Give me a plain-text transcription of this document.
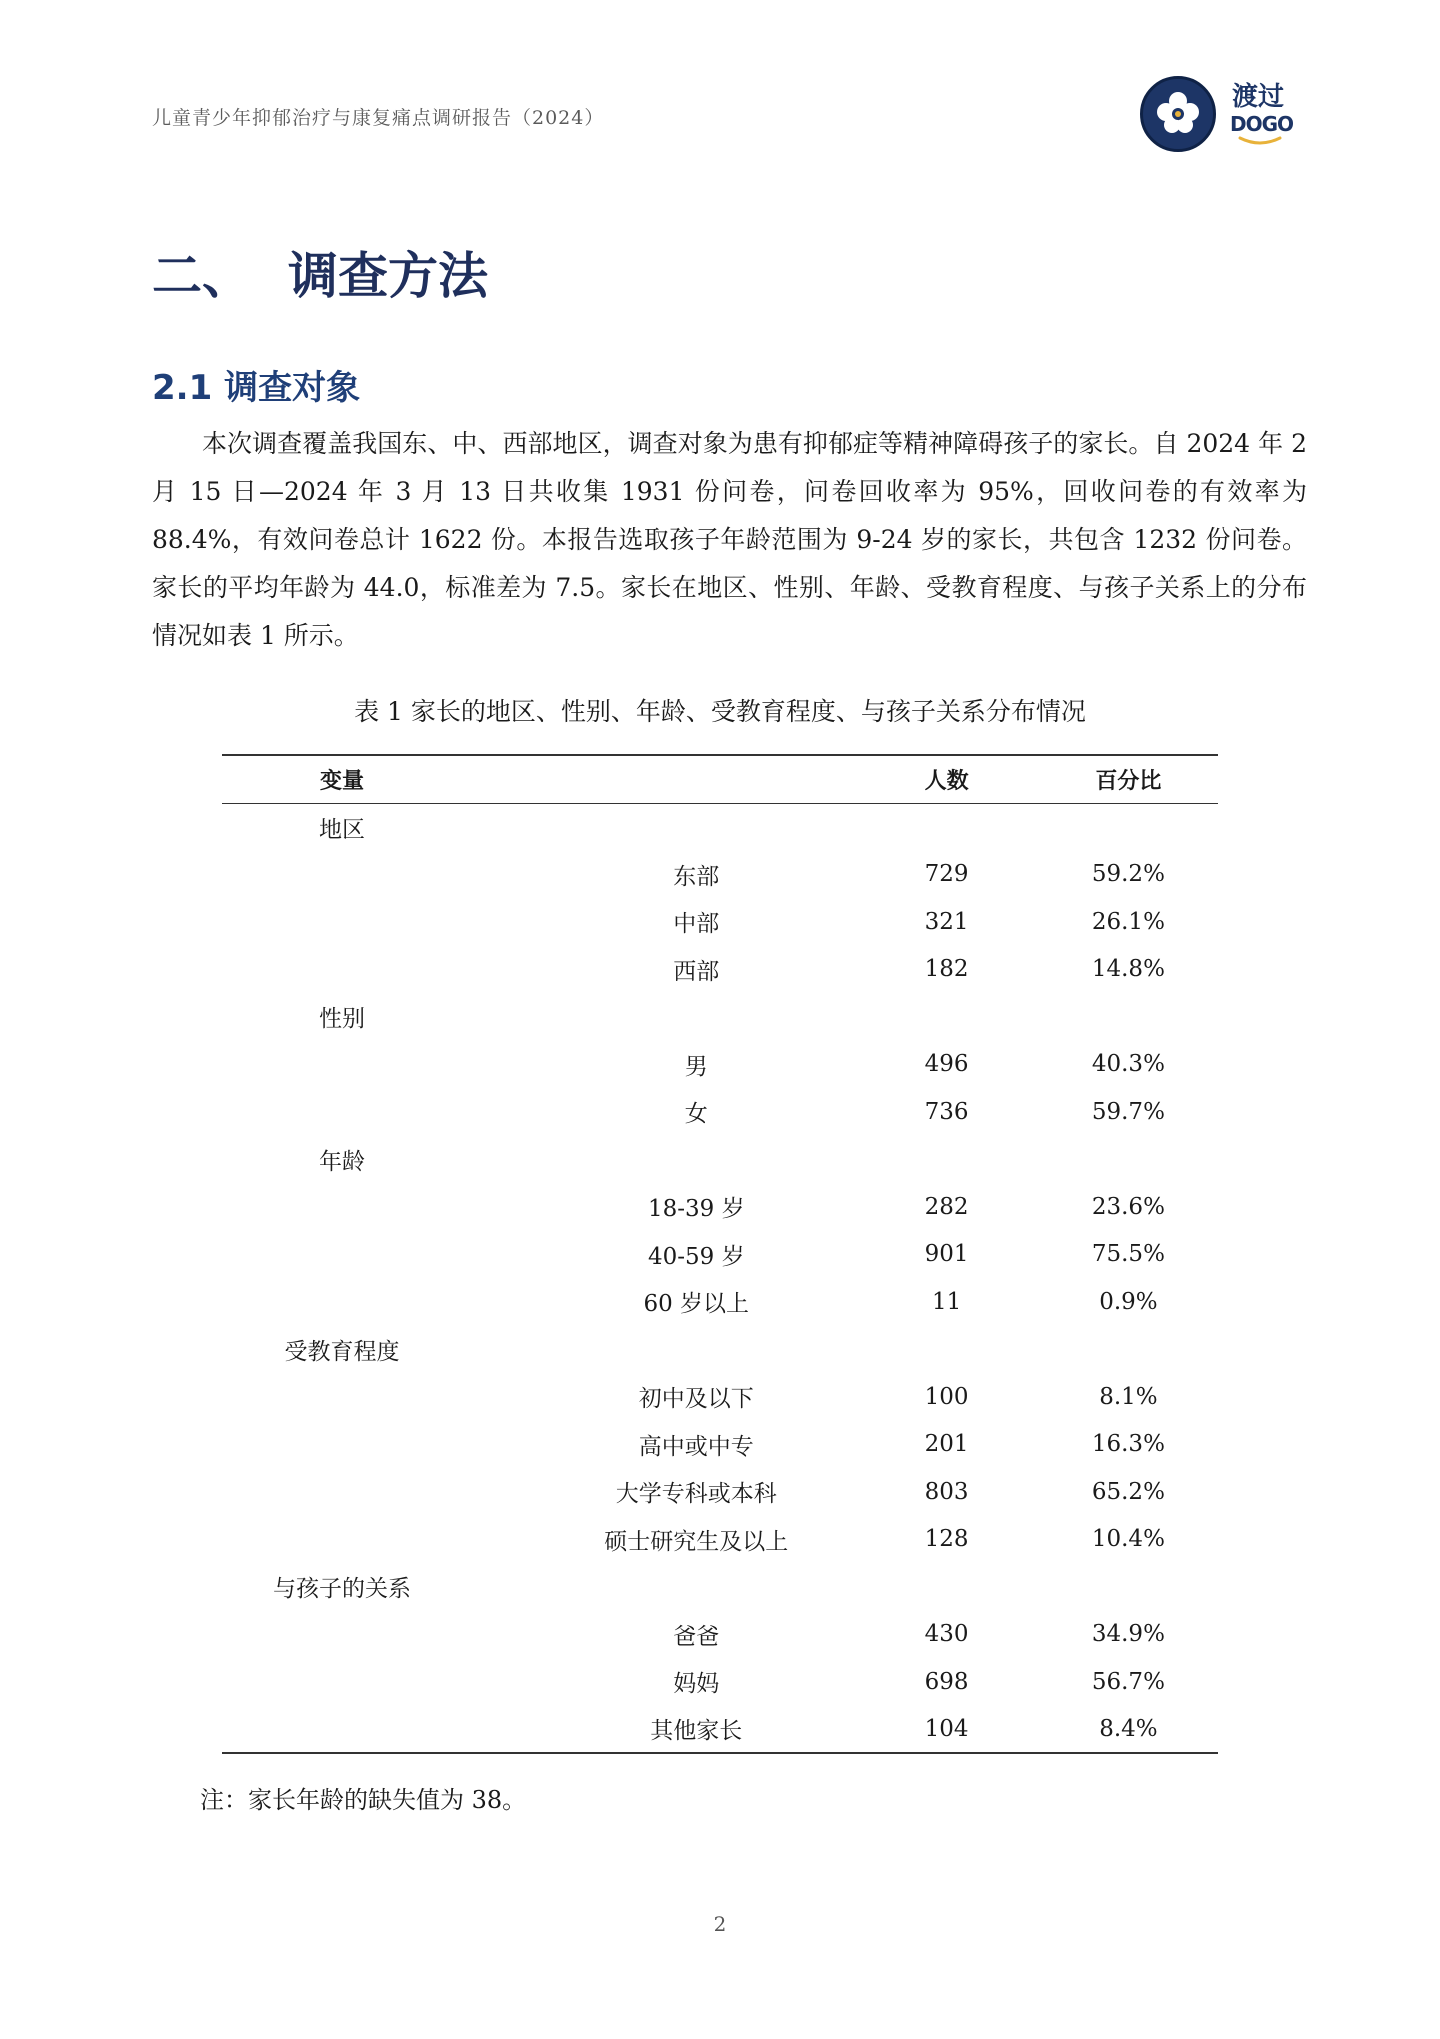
儿童青少年抑郁治疗与康复痛点调研报告（2024）
渡过
DOGO
二、 调查方法
2.1 调查对象

本次调查覆盖我国东、中、西部地区，调查对象为患有抑郁症等精神障碍孩子的家长。自 2024 年 2 月 15 日—2024 年 3 月 13 日共收集 1931 份问卷，问卷回收率为 95%，回收问卷的有效率为 88.4%，有效问卷总计 1622 份。本报告选取孩子年龄范围为 9-24 岁的家长，共包含 1232 份问卷。家长的平均年龄为 44.0，标准差为 7.5。家长在地区、性别、年龄、受教育程度、与孩子关系上的分布情况如表 1 所示。

表 1 家长的地区、性别、年龄、受教育程度、与孩子关系分布情况
变量		人数	百分比
地区			
	东部	729	59.2%
	中部	321	26.1%
	西部	182	14.8%
性别			
	男	496	40.3%
	女	736	59.7%
年龄			
	18-39 岁	282	23.6%
	40-59 岁	901	75.5%
	60 岁以上	11	0.9%
受教育程度			
	初中及以下	100	8.1%
	高中或中专	201	16.3%
	大学专科或本科	803	65.2%
	硕士研究生及以上	128	10.4%
与孩子的关系			
	爸爸	430	34.9%
	妈妈	698	56.7%
	其他家长	104	8.4%
注：家长年龄的缺失值为 38。
2
